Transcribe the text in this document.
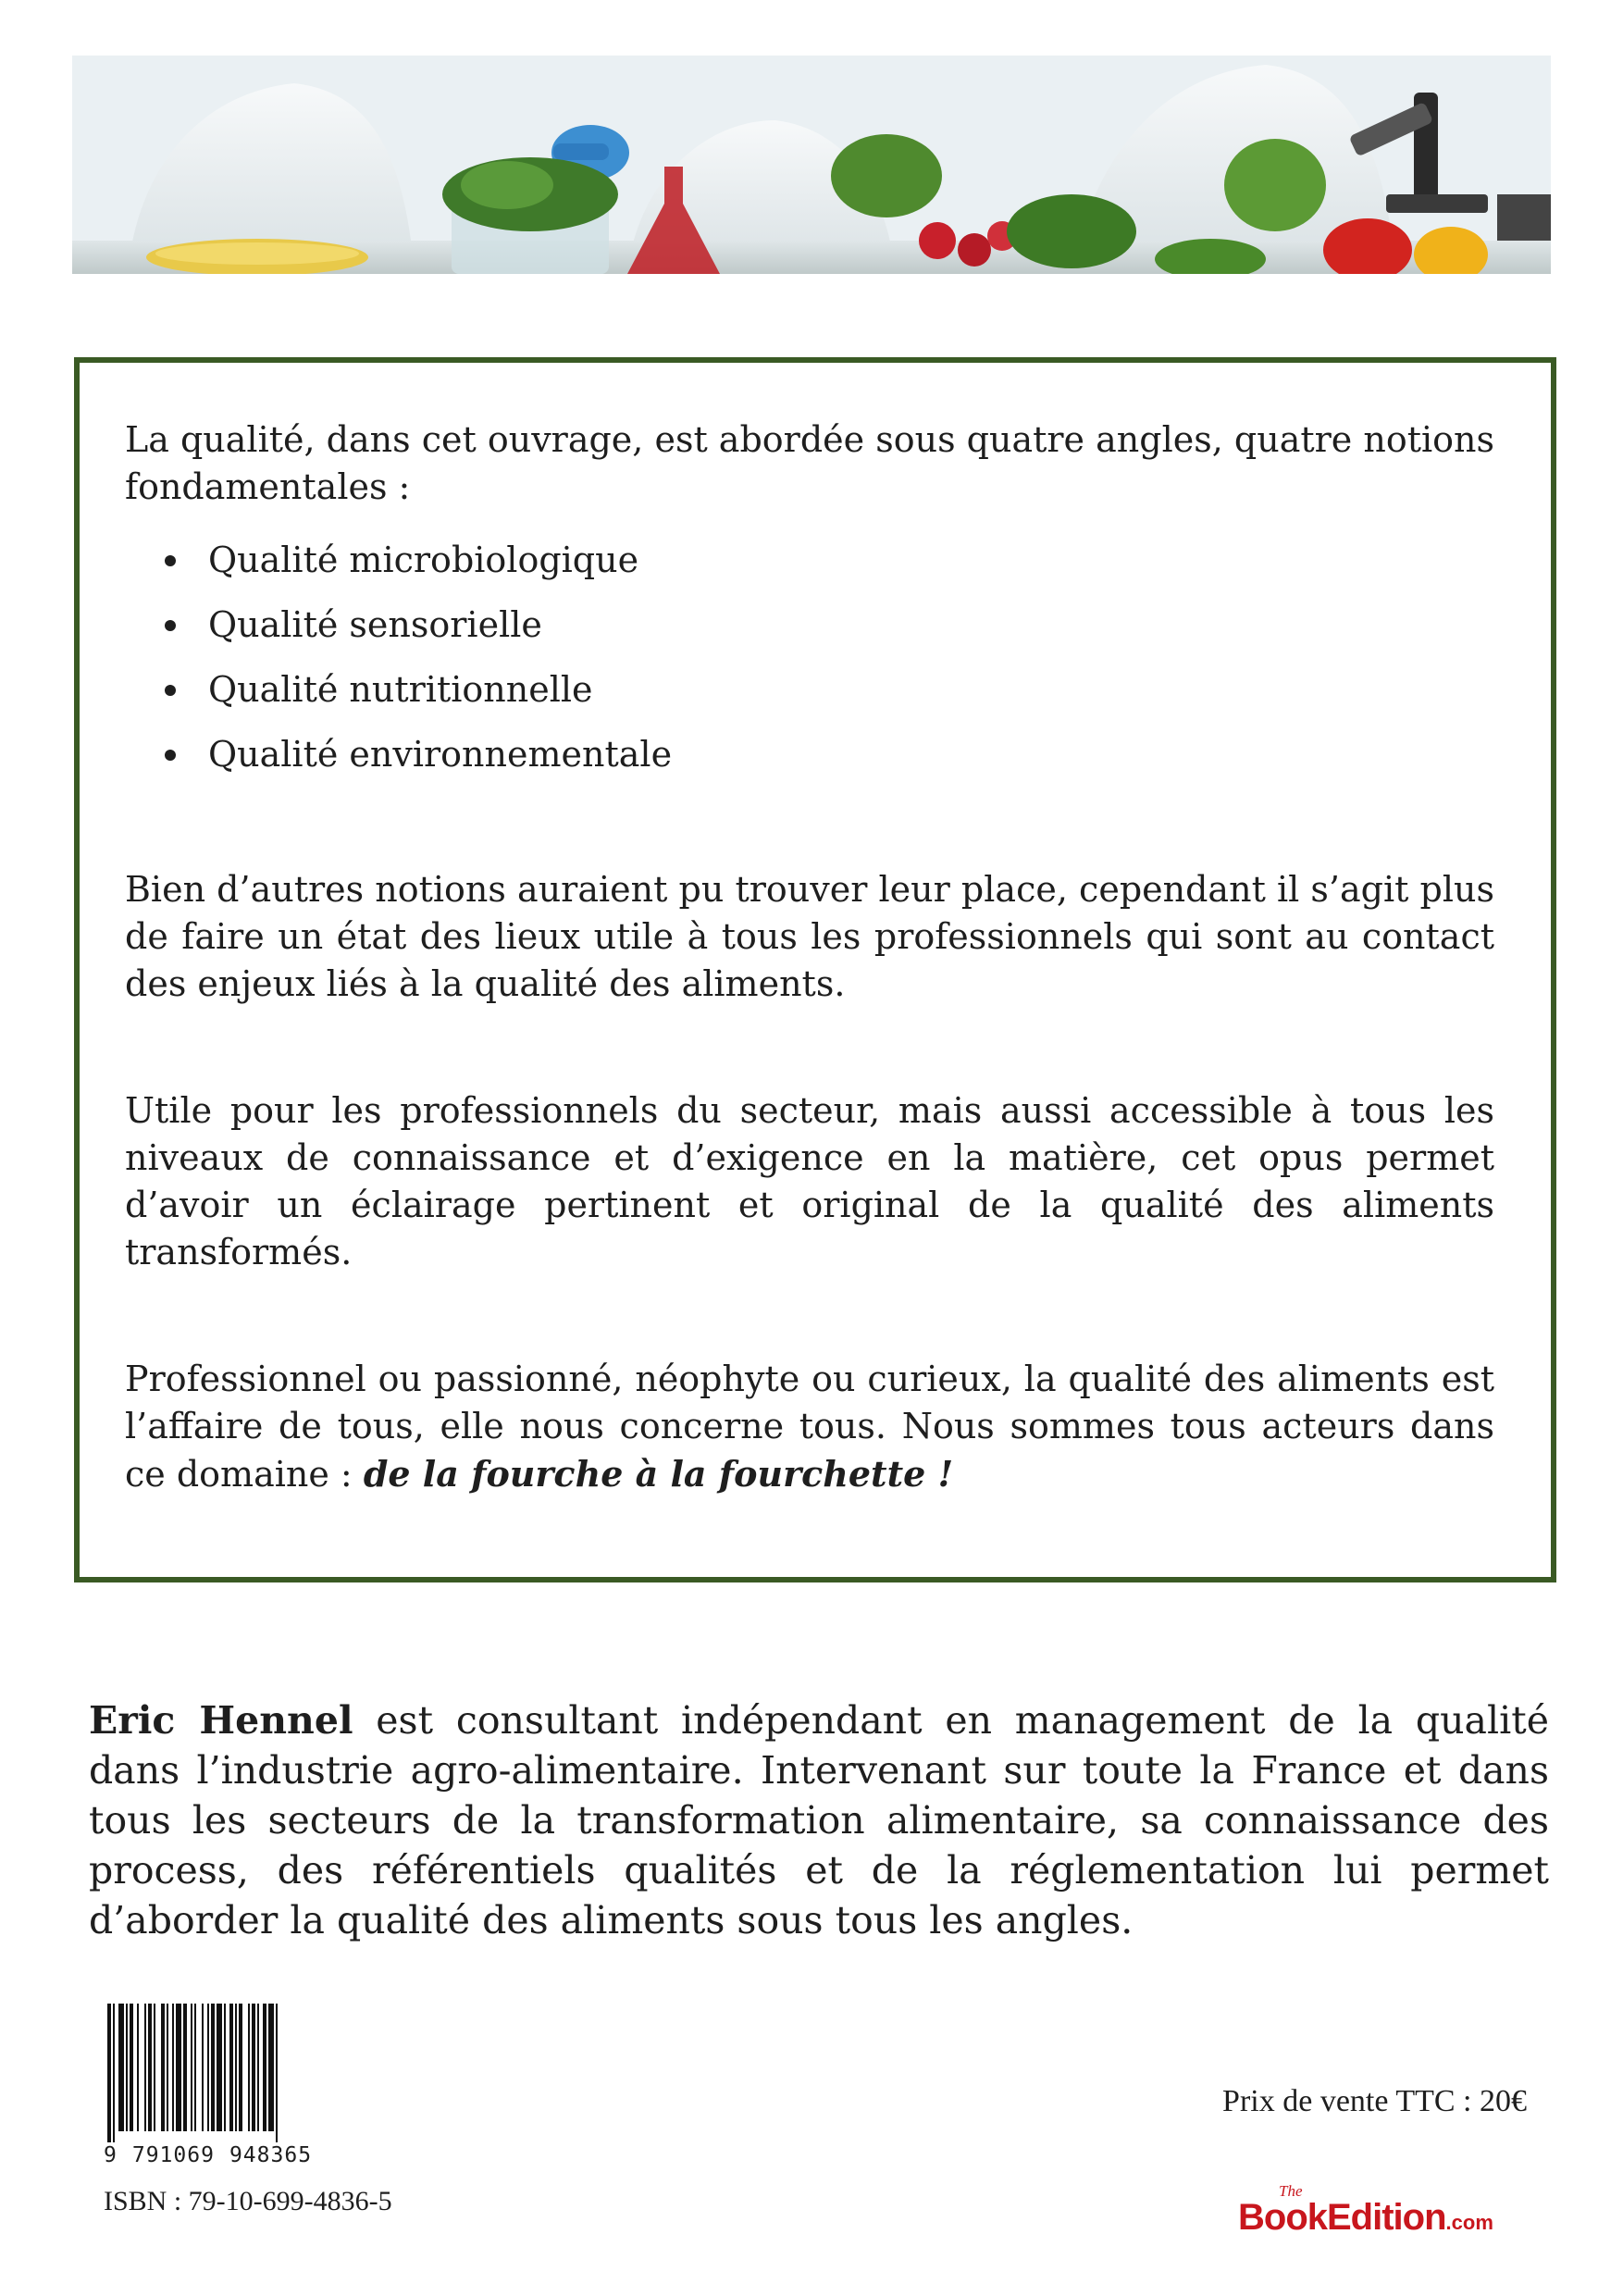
La qualité, dans cet ouvrage, est abordée sous quatre angles, quatre notions fondamentales :

Qualité microbiologique
Qualité sensorielle
Qualité nutritionnelle
Qualité environnementale

Bien d’autres notions auraient pu trouver leur place, cependant il s’agit plus de faire un état des lieux utile à tous les professionnels qui sont au contact des enjeux liés à la qualité des aliments.

Utile pour les professionnels du secteur, mais aussi accessible à tous les niveaux de connaissance et d’exigence en la matière, cet opus permet d’avoir un éclairage pertinent et original de la qualité des aliments transformés.

Professionnel ou passionné, néophyte ou curieux, la qualité des aliments est l’affaire de tous, elle nous concerne tous. Nous sommes tous acteurs dans ce domaine : de la fourche à la fourchette !

Eric Hennel est consultant indépendant en management de la qualité dans l’industrie agro-alimentaire. Intervenant sur toute la France et dans tous les secteurs de la transformation alimentaire, sa connaissance des process, des référentiels qualités et de la réglementation lui permet d’aborder la qualité des aliments sous tous les angles.

9 791069 948365
ISBN : 79-10-699-4836-5
Prix de vente TTC : 20€
The
BookEdition.com
